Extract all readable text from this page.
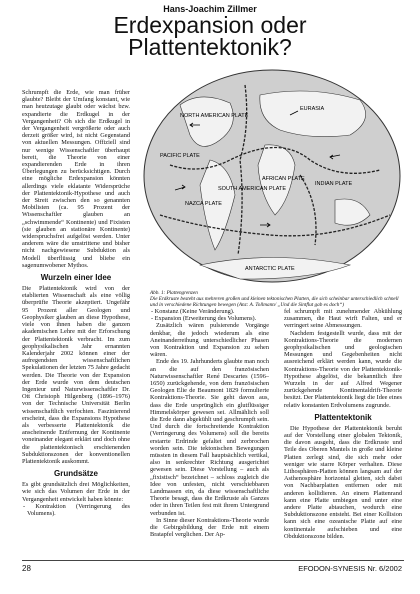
Hans-Joachim Zillmer
Erdexpansion oder
Plattentektonik?

Schrumpft die Erde, wie man früher glaubte? Bleibt der Umfang konstant, wie man heutzutage glaubt oder wächst bzw. expandierte die Erdkugel in der Vergangenheit? Oh sich die Erdkugel in der Vergangenheit vergrößerte oder auch derzeit größer wird, ist nicht Gegenstand von aktuellen Messungen. Offiziell sind nur wenige Wissenschaftler überhaupt bereit, die Theorie von einer expandierenden Erde in ihren Überlegungen zu berücksichtigen. Durch eine mögliche Erdexpansion könnten allerdings viele eklatante Widersprüche der Plattentektonik-Hypothese und auch der Streit zwischen den so genannten Mobilisten (ca. 95 Prozent der Wissenschaftler glauben an „schwimmende“ Kontinente) und Fixisten (sie glauben an stationäre Kontinente) widerspruchsfrei aufgelöst werden. Unter anderem wäre die umstrittene und bisher nicht nachgewiesene Subduktion als Modell überflüssig und bliebe ein sagenumwobener Mythos.

Wurzeln einer Idee

Die Plattentektonik wird von der etablierten Wissenschaft als eine völlig überprüfte Theorie akzeptiert. Ungefähr 95 Prozent aller Geologen und Geophysiker glauben an diese Hypothese, viele von ihnen haben die ganzen akademischen Lehre mit der Erforschung der Plattentektonik verbracht. Im zum geophysikalischen Jahr ernannten Kalenderjahr 2002 können einer der aufregendsten wissenschaftlichen Spekulationen der letzten 75 Jahre gedacht werden. Die Theorie von der Expansion der Erde wurde von dem deutschen Ingenieur und Naturwissenschaftler Dr. Ott Christoph Hilgenberg (1896–1976) von der Technische Universität Berlin wissenschaftlich verfochten. Faszinierend erscheint, dass die Expansions Hypothese als verbesserte Plattentektonik die anscheinende Entfernung der Kontinente voneinander elegant erklärt und doch ohne die plattentektonisch erschienenden Subduktionszonen der konventionellen Plattentektonik auskommt.

Grundsätze

Es gibt grundsätzlich drei Möglichkeiten, wie sich das Volumen der Erde in der Vergangenheit entwickelt haben könnte:

- Kontraktion (Verringerung des Volumens).
EURASIA
PACIFIC PLATE
AFRICAN PLATE
NAZCA PLATE
INDIAN PLATE
ANTARCTIC PLATE
NORTH AMERICAN PLATE
SOUTH AMERICAN PLATE
Abb. 1: Plattengrenzen
Die Erdkruste besteht aus mehreren großen und kleinen tektonischen Platten, die sich scheinbar unterschiedlich schnell und in verschiedene Richtungen bewegen (Anz: A. Tollmann/ „Und die Sintflut gab es doch“)
- Konstanz (Keine Veränderung).
- Expansion (Erweiterung des Volumens).

Zusätzlich wären pulsierende Vorgänge denkbar, die jedoch wiederum als eine Aneinanderreihung unterschiedlicher Phasen von Kontraktion und Expansion zu sehen wären.

Ende des 19. Jahrhunderts glaubte man noch an die auf den französischen Naturwissenschaftler René Descartes (1596–1650) zurückgehende, von dem französischen Geologen Elie de Beaumont 1829 formulierte Kontraktions-Theorie. Sie geht davon aus, dass die Erde ursprünglich ein glutflüssiger Himmelskörper gewesen sei. Allmählich soll die Erde dann abgekühlt und geschrumpft sein. Und durch die fortschreitende Kontraktion (Verringerung des Volumens) soll die bereits erstarrte Erdrinde gefaltet und zerbrochen worden sein. Die tektonischen Bewegungen müssten in diesem Fall hauptsächlich vertikal, also in senkrechter Richtung ausgerichtet gewesen sein. Diese Vorstellung – auch als „fixistisch“ bezeichnet – schloss zugleich die Idee von unfesten, nicht verschiebbaren Landmassen ein, da diese wissenschaftliche Theorie besagt, dass die Erdkruste als Ganzes oder in ihren Teilen fest mit ihrem Untergrund verbunden ist.

In Sinne dieser Kontraktions-Theorie wurde die Gebirgsbildung der Erde mit einem Bratapfel verglichen. Der Ap-

fel schrumpft mit zunehmender Abkühlung zusammen, die Haut wirft Falten, und er verringert seine Abmessungen.

Nachdem festgestellt wurde, dass mit der Kontraktions-Theorie die modernen geophysikalischen und geologischen Messungen und Gegebenheiten nicht ausreichend erklärt werden kann, wurde die Kontraktions-Theorie von der Plattentektonik-Hypothese abgelöst, die bekanntlich ihre Wurzeln in der auf Alfred Wegener zurückgehende Kontinentaldrift-Theorie besitzt. Der Plattentektonik liegt die Idee eines relativ konstanten Erdvolumens zugrunde.

Plattentektonik

Die Hypothese der Plattentektonik beruht auf der Vorstellung einer globalen Tektonik, die davon ausgeht, dass die Erdkruste und Teile des Oberen Mantels in große und kleine Platten zerlegt sind, die sich mehr oder weniger wie starre Körper verhalten. Diese Lithosphären-Platten können langsam auf der Asthenosphäre horizontal gleiten, sich dabei von Nachbarplatten entfernen oder mit anderen kollidieren. An einem Plattenrand kann eine Platte umbiegen und unter eine andere Platte abtauchen, wodurch eine Subduktionszone entsteht. Bei einer Kollision kann sich eine ozeanische Platte auf eine kontinentale aufschieben und eine Obduktionszone bilden.

28	EFODON-SYNESIS Nr. 6/2002
